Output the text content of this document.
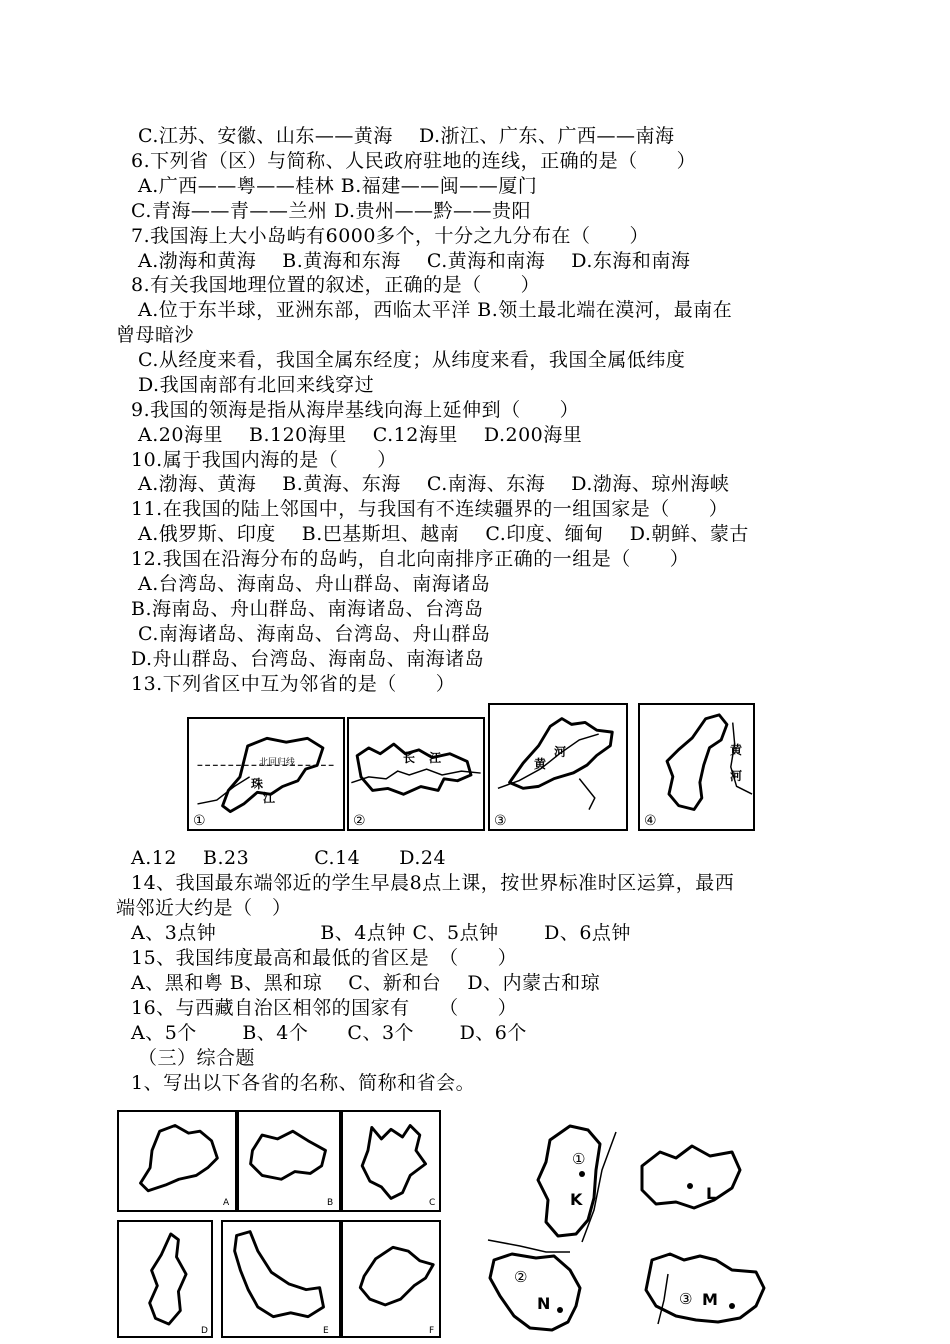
C.江苏、安徽、山东——黄海　 D.浙江、广东、广西——南海
6.下列省（区）与简称、人民政府驻地的连线，正确的是（　　）
A.广西——粤——桂林 B.福建——闽——厦门
C.青海——青——兰州 D.贵州——黔——贵阳
7.我国海上大小岛屿有6000多个，十分之九分布在（　　）
A.渤海和黄海　 B.黄海和东海　 C.黄海和南海　 D.东海和南海
8.有关我国地理位置的叙述，正确的是（　　）
A.位于东半球，亚洲东部，西临太平洋 B.领土最北端在漠河，最南在
曾母暗沙
C.从经度来看，我国全属东经度；从纬度来看，我国全属低纬度
D.我国南部有北回来线穿过
9.我国的领海是指从海岸基线向海上延伸到（　　）
A.20海里　 B.120海里　 C.12海里　 D.200海里
10.属于我国内海的是（　　）
A.渤海、黄海　 B.黄海、东海　 C.南海、东海　 D.渤海、琼州海峡
11.在我国的陆上邻国中，与我国有不连续疆界的一组国家是（　　）
A.俄罗斯、印度　 B.巴基斯坦、越南　 C.印度、缅甸　 D.朝鲜、蒙古
12.我国在沿海分布的岛屿，自北向南排序正确的一组是（　　）
A.台湾岛、海南岛、舟山群岛、南海诸岛
B.海南岛、舟山群岛、南海诸岛、台湾岛
C.南海诸岛、海南岛、台湾岛、舟山群岛
D.舟山群岛、台湾岛、海南岛、南海诸岛
13.下列省区中互为邻省的是（　　）
北回归线
珠
江
①
长 江
②
黄
河
③
黄
河
④
A.12　 B.23　　　 C.14　　D.24
14、我国最东端邻近的学生早晨8点上课，按世界标准时区运算，最西
端邻近大约是（　）
A、3点钟　　　　　 B、4点钟 C、5点钟　　 D、6点钟
15、我国纬度最高和最低的省区是　（　　）
A、黑和粤 B、黑和琼　 C、新和台　 D、内蒙古和琼
16、与西藏自治区相邻的国家有　　（　　）
A、5个　　 B、4个　　C、3个　　 D、6个
（三）综合题
1、写出以下各省的名称、简称和省会。
A	B	C
D	E	F
①
K	L
②
N	③ M
